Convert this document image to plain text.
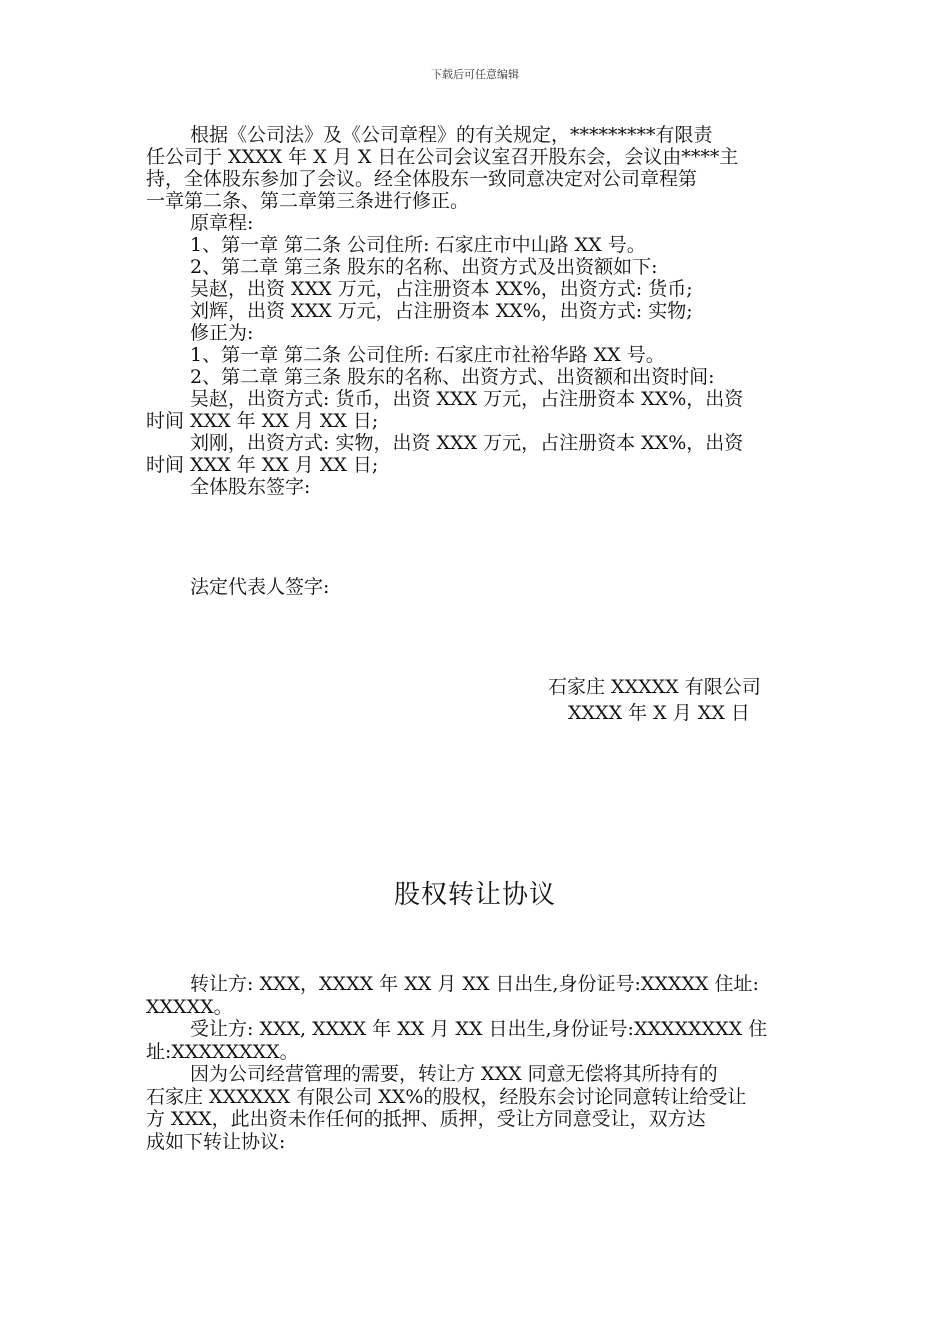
下载后可任意编辑

根据《公司法》及《公司章程》的有关规定，*********有限责

任公司于 XXXX 年 X 月 X 日在公司会议室召开股东会，会议由****主

持，全体股东参加了会议。经全体股东一致同意决定对公司章程第

一章第二条、第二章第三条进行修正。

原章程:

1、第一章 第二条 公司住所: 石家庄市中山路 XX 号。

2、第二章 第三条 股东的名称、出资方式及出资额如下:

吴赵，出资 XXX 万元，占注册资本 XX%，出资方式: 货币;

刘辉，出资 XXX 万元，占注册资本 XX%，出资方式: 实物;

修正为:

1、第一章 第二条 公司住所: 石家庄市社裕华路 XX 号。

2、第二章 第三条 股东的名称、出资方式、出资额和出资时间:

吴赵，出资方式: 货币，出资 XXX 万元，占注册资本 XX%，出资

时间 XXX 年 XX 月 XX 日;

刘刚，出资方式: 实物，出资 XXX 万元，占注册资本 XX%，出资

时间 XXX 年 XX 月 XX 日;

全体股东签字:

法定代表人签字:

石家庄 XXXXX 有限公司
XXXX 年 X 月 XX 日
股权转让协议

转让方: XXX，XXXX 年 XX 月 XX 日出生,身份证号:XXXXX 住址:

XXXXX。

受让方: XXX, XXXX 年 XX 月 XX 日出生,身份证号:XXXXXXXX 住

址:XXXXXXXX。

因为公司经营管理的需要，转让方 XXX 同意无偿将其所持有的

石家庄 XXXXXX 有限公司 XX%的股权，经股东会讨论同意转让给受让

方 XXX，此出资未作任何的抵押、质押，受让方同意受让，双方达

成如下转让协议:
